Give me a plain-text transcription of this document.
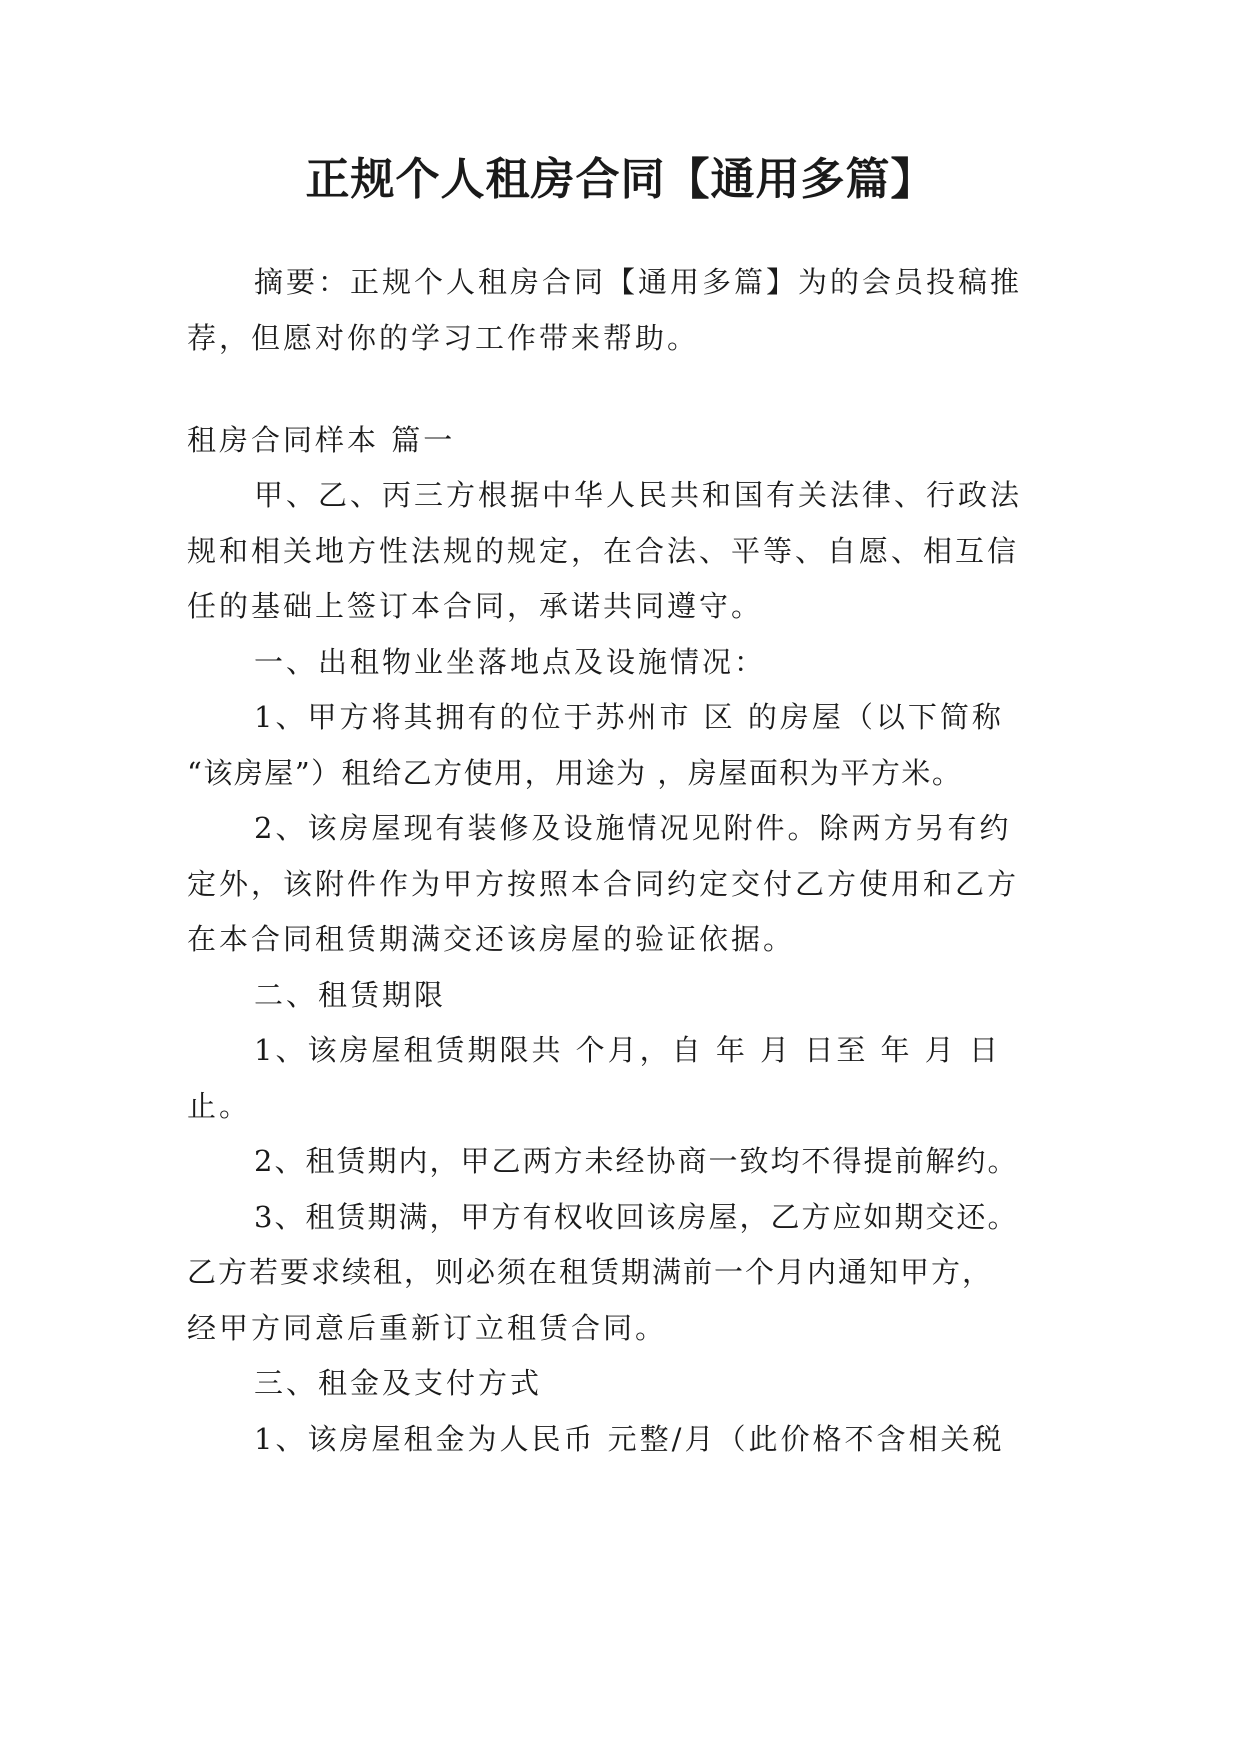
正规个人租房合同【通用多篇】

摘要：正规个人租房合同【通用多篇】为的会员投稿推

荐，但愿对你的学习工作带来帮助。

租房合同样本 篇一

甲、乙、丙三方根据中华人民共和国有关法律、行政法

规和相关地方性法规的规定，在合法、平等、自愿、相互信

任的基础上签订本合同，承诺共同遵守。

一、出租物业坐落地点及设施情况：

1、甲方将其拥有的位于苏州市 区 的房屋（以下简称

“该房屋”）租给乙方使用，用途为 ，房屋面积为平方米。

2、该房屋现有装修及设施情况见附件。除两方另有约

定外，该附件作为甲方按照本合同约定交付乙方使用和乙方

在本合同租赁期满交还该房屋的验证依据。

二、租赁期限

1、该房屋租赁期限共 个月，自 年 月 日至 年 月 日

止。

2、租赁期内，甲乙两方未经协商一致均不得提前解约。

3、租赁期满，甲方有权收回该房屋，乙方应如期交还。

乙方若要求续租，则必须在租赁期满前一个月内通知甲方，

经甲方同意后重新订立租赁合同。

三、租金及支付方式

1、该房屋租金为人民币 元整/月（此价格不含相关税
